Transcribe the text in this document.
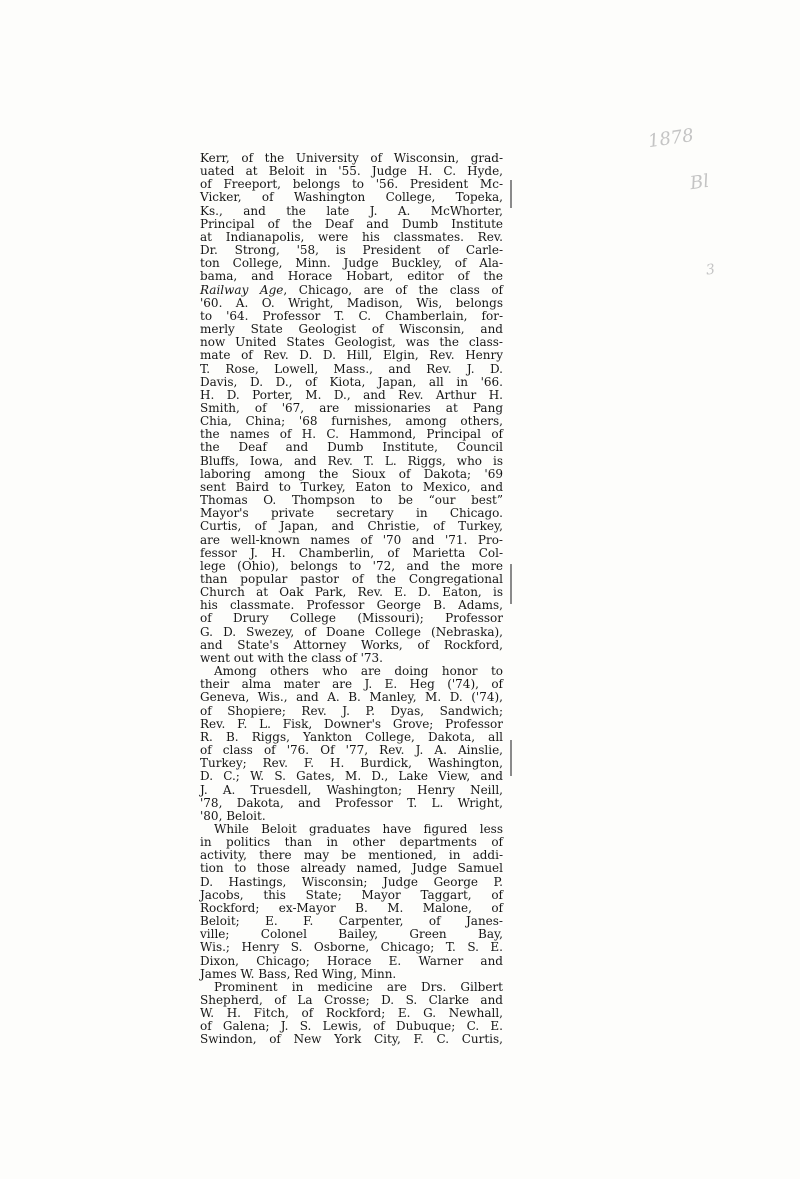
1878
Bl
3
Kerr, of the University of Wisconsin, grad-
uated at Beloit in '55. Judge H. C. Hyde,
of Freeport, belongs to '56. President Mc-
Vicker, of Washington College, Topeka,
Ks., and the late J. A. McWhorter,
Principal of the Deaf and Dumb Institute
at Indianapolis, were his classmates. Rev.
Dr. Strong, '58, is President of Carle-
ton College, Minn. Judge Buckley, of Ala-
bama, and Horace Hobart, editor of the
Railway Age, Chicago, are of the class of
'60. A. O. Wright, Madison, Wis, belongs
to '64. Professor T. C. Chamberlain, for-
merly State Geologist of Wisconsin, and
now United States Geologist, was the class-
mate of Rev. D. D. Hill, Elgin, Rev. Henry
T. Rose, Lowell, Mass., and Rev. J. D.
Davis, D. D., of Kiota, Japan, all in '66.
H. D. Porter, M. D., and Rev. Arthur H.
Smith, of '67, are missionaries at Pang
Chia, China; '68 furnishes, among others,
the names of H. C. Hammond, Principal of
the Deaf and Dumb Institute, Council
Bluffs, Iowa, and Rev. T. L. Riggs, who is
laboring among the Sioux of Dakota; '69
sent Baird to Turkey, Eaton to Mexico, and
Thomas O. Thompson to be “our best”
Mayor's private secretary in Chicago.
Curtis, of Japan, and Christie, of Turkey,
are well-known names of '70 and '71. Pro-
fessor J. H. Chamberlin, of Marietta Col-
lege (Ohio), belongs to '72, and the more
than popular pastor of the Congregational
Church at Oak Park, Rev. E. D. Eaton, is
his classmate. Professor George B. Adams,
of Drury College (Missouri); Professor
G. D. Swezey, of Doane College (Nebraska),
and State's Attorney Works, of Rockford,
went out with the class of '73.
Among others who are doing honor to
their alma mater are J. E. Heg ('74), of
Geneva, Wis., and A. B. Manley, M. D. ('74),
of Shopiere; Rev. J. P. Dyas, Sandwich;
Rev. F. L. Fisk, Downer's Grove; Professor
R. B. Riggs, Yankton College, Dakota, all
of class of '76. Of '77, Rev. J. A. Ainslie,
Turkey; Rev. F. H. Burdick, Washington,
D. C.; W. S. Gates, M. D., Lake View, and
J. A. Truesdell, Washington; Henry Neill,
'78, Dakota, and Professor T. L. Wright,
'80, Beloit.
While Beloit graduates have figured less
in politics than in other departments of
activity, there may be mentioned, in addi-
tion to those already named, Judge Samuel
D. Hastings, Wisconsin; Judge George P.
Jacobs, this State; Mayor Taggart, of
Rockford; ex-Mayor B. M. Malone, of
Beloit; E. F. Carpenter, of Janes-
ville; Colonel Bailey, Green Bay,
Wis.; Henry S. Osborne, Chicago; T. S. E.
Dixon, Chicago; Horace E. Warner and
James W. Bass, Red Wing, Minn.
Prominent in medicine are Drs. Gilbert
Shepherd, of La Crosse; D. S. Clarke and
W. H. Fitch, of Rockford; E. G. Newhall,
of Galena; J. S. Lewis, of Dubuque; C. E.
Swindon, of New York City, F. C. Curtis,
